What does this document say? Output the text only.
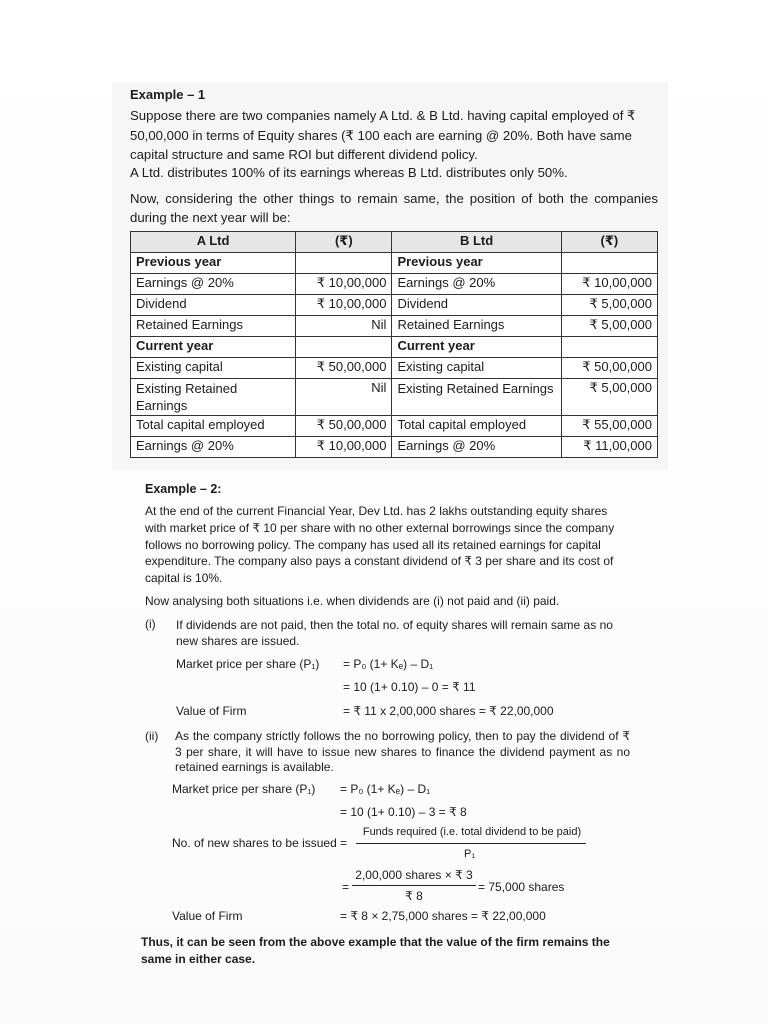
Example – 1

Suppose there are two companies namely A Ltd. & B Ltd. having capital employed of ₹ 50,00,000 in terms of Equity shares (₹ 100 each are earning @ 20%. Both have same capital structure and same ROI but different dividend policy.

A Ltd. distributes 100% of its earnings whereas B Ltd. distributes only 50%.

Now, considering the other things to remain same, the position of both the companies during the next year will be:

A Ltd	(₹)	B Ltd	(₹)
Previous year		Previous year	
Earnings @ 20%	₹ 10,00,000	Earnings @ 20%	₹ 10,00,000
Dividend	₹ 10,00,000	Dividend	₹ 5,00,000
Retained Earnings	Nil	Retained Earnings	₹ 5,00,000
Current year		Current year	
Existing capital	₹ 50,00,000	Existing capital	₹ 50,00,000
Existing Retained Earnings	Nil	Existing Retained Earnings	₹ 5,00,000
Total capital employed	₹ 50,00,000	Total capital employed	₹ 55,00,000
Earnings @ 20%	₹ 10,00,000	Earnings @ 20%	₹ 11,00,000

Example – 2:

At the end of the current Financial Year, Dev Ltd. has 2 lakhs outstanding equity shares with market price of ₹ 10 per share with no other external borrowings since the company follows no borrowing policy. The company has used all its retained earnings for capital expenditure. The company also pays a constant dividend of ₹ 3 per share and its cost of capital is 10%.

Now analysing both situations i.e. when dividends are (i) not paid and (ii) paid.

(i) If dividends are not paid, then the total no. of equity shares will remain same as no new shares are issued.
Market price per share (P₁) = P₀ (1+ Kₑ) – D₁
= 10 (1+ 0.10) – 0 = ₹ 11
Value of Firm	= ₹ 11 x 2,00,000 shares = ₹ 22,00,000
(ii) As the company strictly follows the no borrowing policy, then to pay the dividend of ₹ 3 per share, it will have to issue new shares to finance the dividend payment as no retained earnings is available.
Market price per share (P₁) = P₀ (1+ Kₑ) – D₁
= 10 (1+ 0.10) – 3 = ₹ 8
No. of new shares to be issued =
Funds required (i.e. total dividend to be paid)
P₁
=
2,00,000 shares × ₹ 3
₹ 8
= 75,000 shares
Value of Firm	= ₹ 8 × 2,75,000 shares = ₹ 22,00,000

Thus, it can be seen from the above example that the value of the firm remains the same in either case.
